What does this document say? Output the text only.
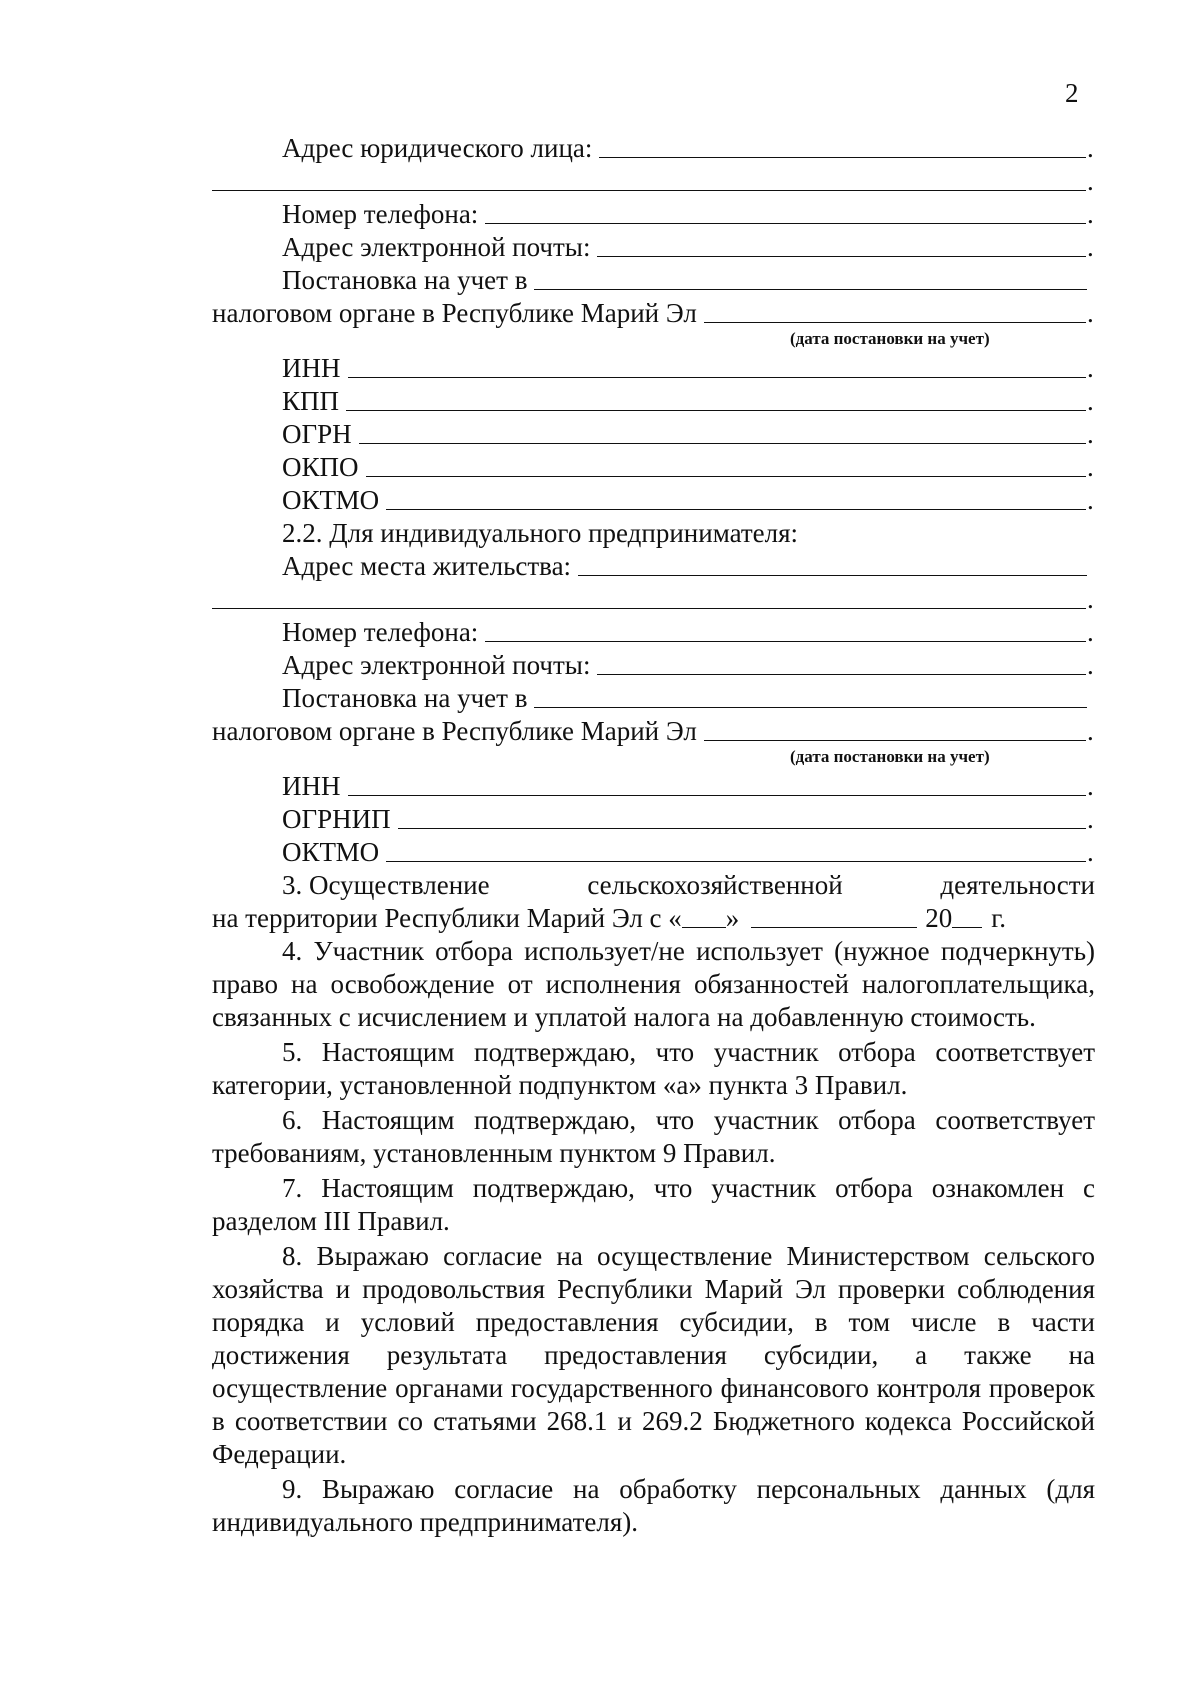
2
Адрес юридического лица:	.
.
Номер телефона:	.
Адрес электронной почты:	.
Постановка на учет в
налоговом органе в Республике Марий Эл	.
(дата постановки на учет)
ИНН	.
КПП	.
ОГРН	.
ОКПО	.
ОКТМО	.
2.2. Для индивидуального предпринимателя:
Адрес места жительства:
.
Номер телефона:	.
Адрес электронной почты:	.
Постановка на учет в
налоговом органе в Республике Марий Эл	.
(дата постановки на учет)
ИНН	.
ОГРНИП	.
ОКТМО	.
3. Осуществление	сельскохозяйственной	деятельности
на территории Республики Марий Эл с « »	20 г.

4. Участник отбора использует/не использует (нужное подчеркнуть) право на освобождение от исполнения обязанностей налогоплательщика, связанных с исчислением и уплатой налога на добавленную стоимость.

5. Настоящим подтверждаю, что участник отбора соответствует категории, установленной подпунктом «а» пункта 3 Правил.

6. Настоящим подтверждаю, что участник отбора соответствует требованиям, установленным пунктом 9 Правил.

7. Настоящим подтверждаю, что участник отбора ознакомлен с разделом III Правил.

8. Выражаю согласие на осуществление Министерством сельского хозяйства и продовольствия Республики Марий Эл проверки соблюдения порядка и условий предоставления субсидии, в том числе в части достижения результата предоставления субсидии, а также на осуществление органами государственного финансового контроля проверок в соответствии со статьями 268.1 и 269.2 Бюджетного кодекса Российской Федерации.

9. Выражаю согласие на обработку персональных данных (для индивидуального предпринимателя).
